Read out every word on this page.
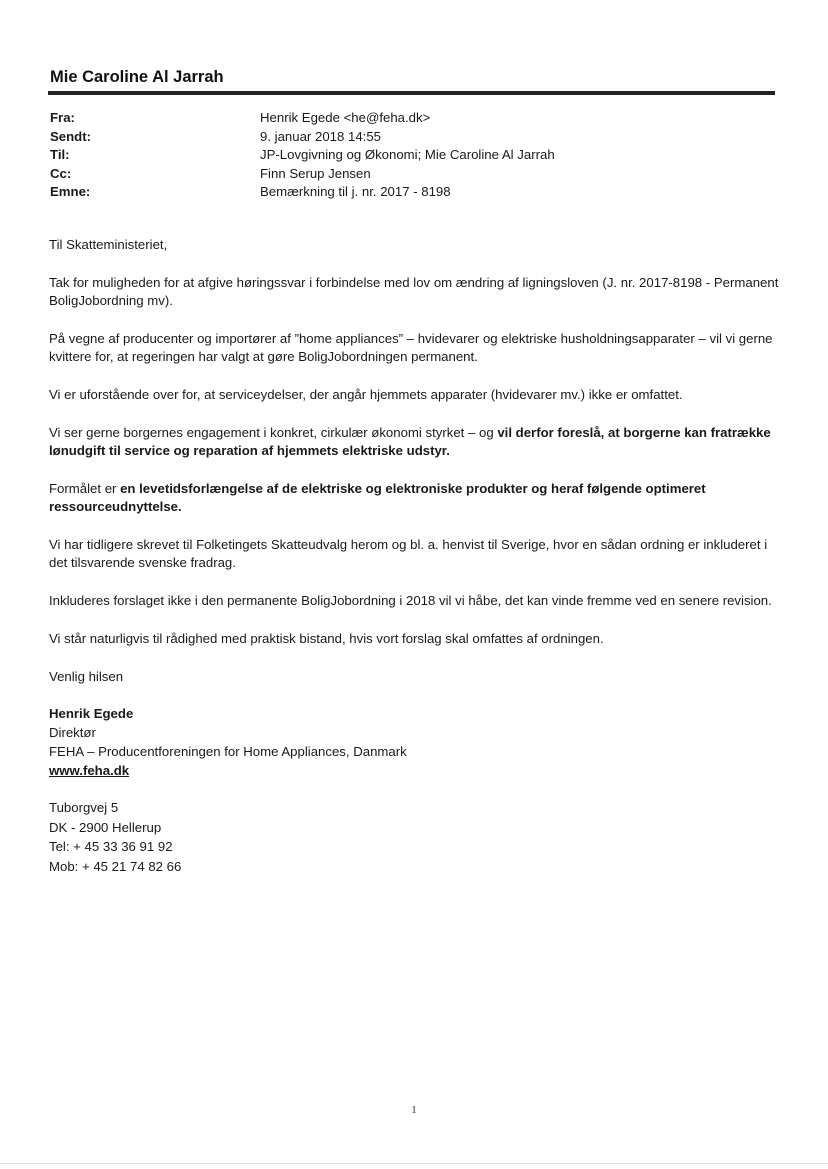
Mie Caroline Al Jarrah
Fra:	Henrik Egede <he@feha.dk>
Sendt:	9. januar 2018 14:55
Til:	JP-Lovgivning og Økonomi; Mie Caroline Al Jarrah
Cc:	Finn Serup Jensen
Emne:	Bemærkning til j. nr. 2017 - 8198

Til Skatteministeriet,

Tak for muligheden for at afgive høringssvar i forbindelse med lov om ændring af ligningsloven (J. nr. 2017-8198 - Permanent BoligJobordning mv).

På vegne af producenter og importører af ”home appliances” – hvidevarer og elektriske husholdningsapparater – vil vi gerne kvittere for, at regeringen har valgt at gøre BoligJobordningen permanent.

Vi er uforstående over for, at serviceydelser, der angår hjemmets apparater (hvidevarer mv.) ikke er omfattet.

Vi ser gerne borgernes engagement i konkret, cirkulær økonomi styrket – og vil derfor foreslå, at borgerne kan fratrække lønudgift til service og reparation af hjemmets elektriske udstyr.

Formålet er en levetidsforlængelse af de elektriske og elektroniske produkter og heraf følgende optimeret ressourceudnyttelse.

Vi har tidligere skrevet til Folketingets Skatteudvalg herom og bl. a. henvist til Sverige, hvor en sådan ordning er inkluderet i det tilsvarende svenske fradrag.

Inkluderes forslaget ikke i den permanente BoligJobordning i 2018 vil vi håbe, det kan vinde fremme ved en senere revision.

Vi står naturligvis til rådighed med praktisk bistand, hvis vort forslag skal omfattes af ordningen.

Venlig hilsen

Henrik Egede
Direktør
FEHA – Producentforeningen for Home Appliances, Danmark
www.feha.dk
Tuborgvej 5
DK - 2900 Hellerup
Tel: + 45 33 36 91 92
Mob: + 45 21 74 82 66
1
